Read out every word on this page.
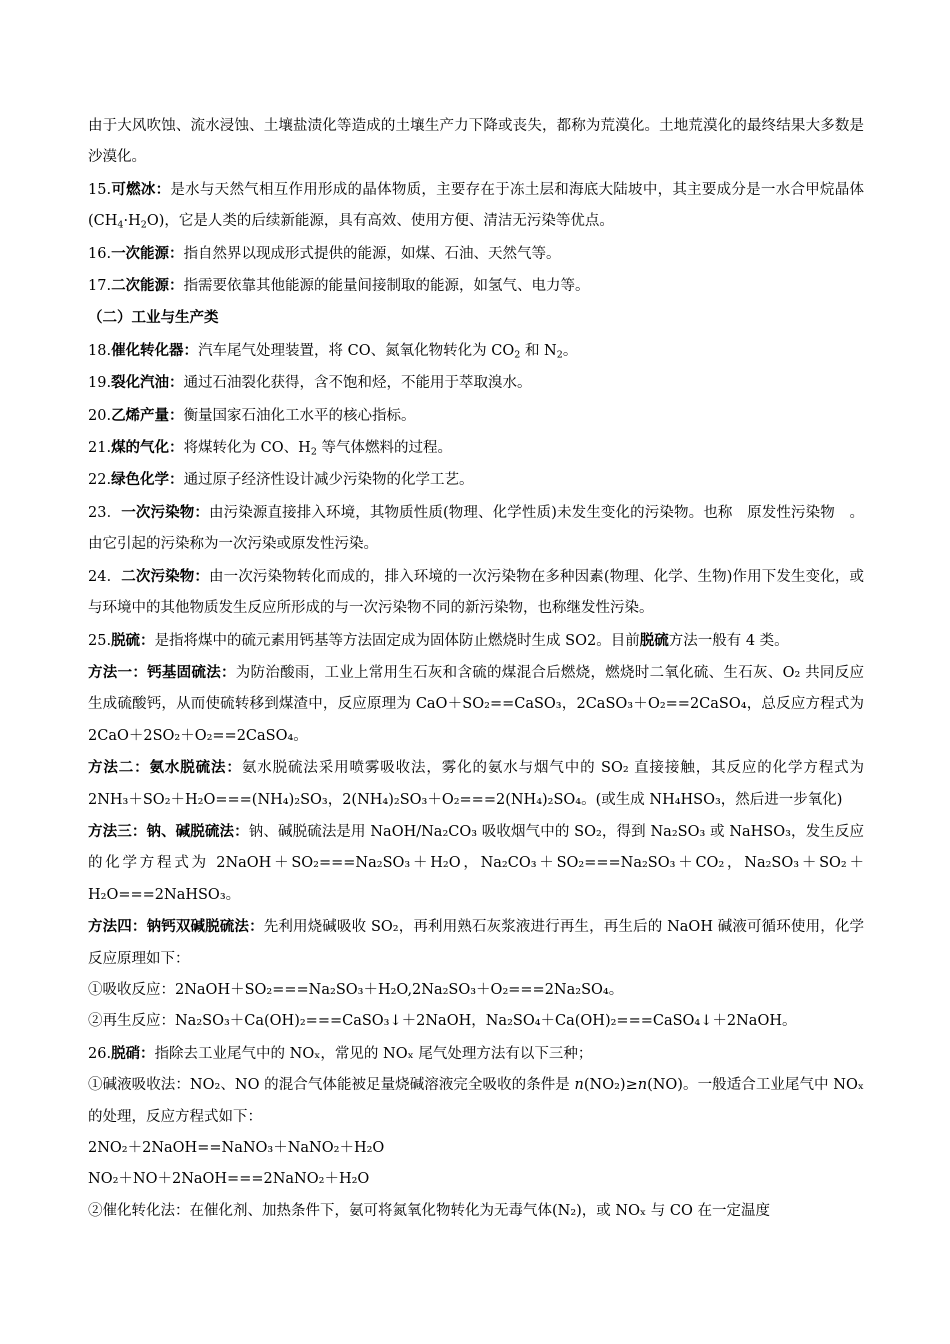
由于大风吹蚀、流水浸蚀、土壤盐渍化等造成的土壤生产力下降或丧失，都称为荒漠化。土地荒漠化的最终结果大多数是沙漠化。

15.可燃冰：是水与天然气相互作用形成的晶体物质，主要存在于冻土层和海底大陆坡中，其主要成分是一水合甲烷晶体$(CH_4\cdot H_2O)$，它是人类的后续新能源，具有高效、使用方便、清洁无污染等优点。

16.一次能源：指自然界以现成形式提供的能源，如煤、石油、天然气等。

17.二次能源：指需要依靠其他能源的能量间接制取的能源，如氢气、电力等。

（二）工业与生产类

18.催化转化器：汽车尾气处理装置，将 CO、氮氧化物转化为 $CO_2$ 和 $N_2$。

19.裂化汽油：通过石油裂化获得，含不饱和烃，不能用于萃取溴水。

20.乙烯产量：衡量国家石油化工水平的核心指标。

21.煤的气化：将煤转化为 CO、$H_2$ 等气体燃料的过程。

22.绿色化学：通过原子经济性设计减少污染物的化学工艺。

23．一次污染物：由污染源直接排入环境，其物质性质(物理、化学性质)未发生变化的污染物。也称　原发性污染物　。由它引起的污染称为一次污染或原发性污染。

24．二次污染物：由一次污染物转化而成的，排入环境的一次污染物在多种因素(物理、化学、生物)作用下发生变化，或与环境中的其他物质发生反应所形成的与一次污染物不同的新污染物，也称继发性污染。

25.脱硫：是指将煤中的硫元素用钙基等方法固定成为固体防止燃烧时生成 SO2。目前脱硫方法一般有 4 类。

方法一：钙基固硫法：为防治酸雨，工业上常用生石灰和含硫的煤混合后燃烧，燃烧时二氧化硫、生石灰、O₂ 共同反应生成硫酸钙，从而使硫转移到煤渣中，反应原理为 CaO＋SO₂==CaSO₃，2CaSO₃＋O₂==2CaSO₄，总反应方程式为 2CaO＋2SO₂＋O₂==2CaSO₄。

方法二：氨水脱硫法：氨水脱硫法采用喷雾吸收法，雾化的氨水与烟气中的 SO₂ 直接接触，其反应的化学方程式为 2NH₃＋SO₂＋H₂O===(NH₄)₂SO₃，2(NH₄)₂SO₃＋O₂===2(NH₄)₂SO₄。(或生成 NH₄HSO₃，然后进一步氧化)

方法三：钠、碱脱硫法：钠、碱脱硫法是用 NaOH/Na₂CO₃ 吸收烟气中的 SO₂，得到 Na₂SO₃ 或 NaHSO₃，发生反应的化学方程式为 2NaOH＋SO₂===Na₂SO₃＋H₂O，Na₂CO₃＋SO₂===Na₂SO₃＋CO₂，Na₂SO₃＋SO₂＋H₂O===2NaHSO₃。

方法四：钠钙双碱脱硫法：先利用烧碱吸收 SO₂，再利用熟石灰浆液进行再生，再生后的 NaOH 碱液可循环使用，化学反应原理如下：

①吸收反应：2NaOH＋SO₂===Na₂SO₃＋H₂O,2Na₂SO₃＋O₂===2Na₂SO₄。

②再生反应：Na₂SO₃＋Ca(OH)₂===CaSO₃↓＋2NaOH，Na₂SO₄＋Ca(OH)₂===CaSO₄↓＋2NaOH。

26.脱硝：指除去工业尾气中的 NOₓ，常见的 NOₓ 尾气处理方法有以下三种；

①碱液吸收法：NO₂、NO 的混合气体能被足量烧碱溶液完全吸收的条件是 n(NO₂)≥n(NO)。一般适合工业尾气中 NOₓ 的处理，反应方程式如下：

2NO₂＋2NaOH==NaNO₃＋NaNO₂＋H₂O

NO₂＋NO＋2NaOH===2NaNO₂＋H₂O

②催化转化法：在催化剂、加热条件下，氨可将氮氧化物转化为无毒气体(N₂)，或 NOₓ 与 CO 在一定温度
